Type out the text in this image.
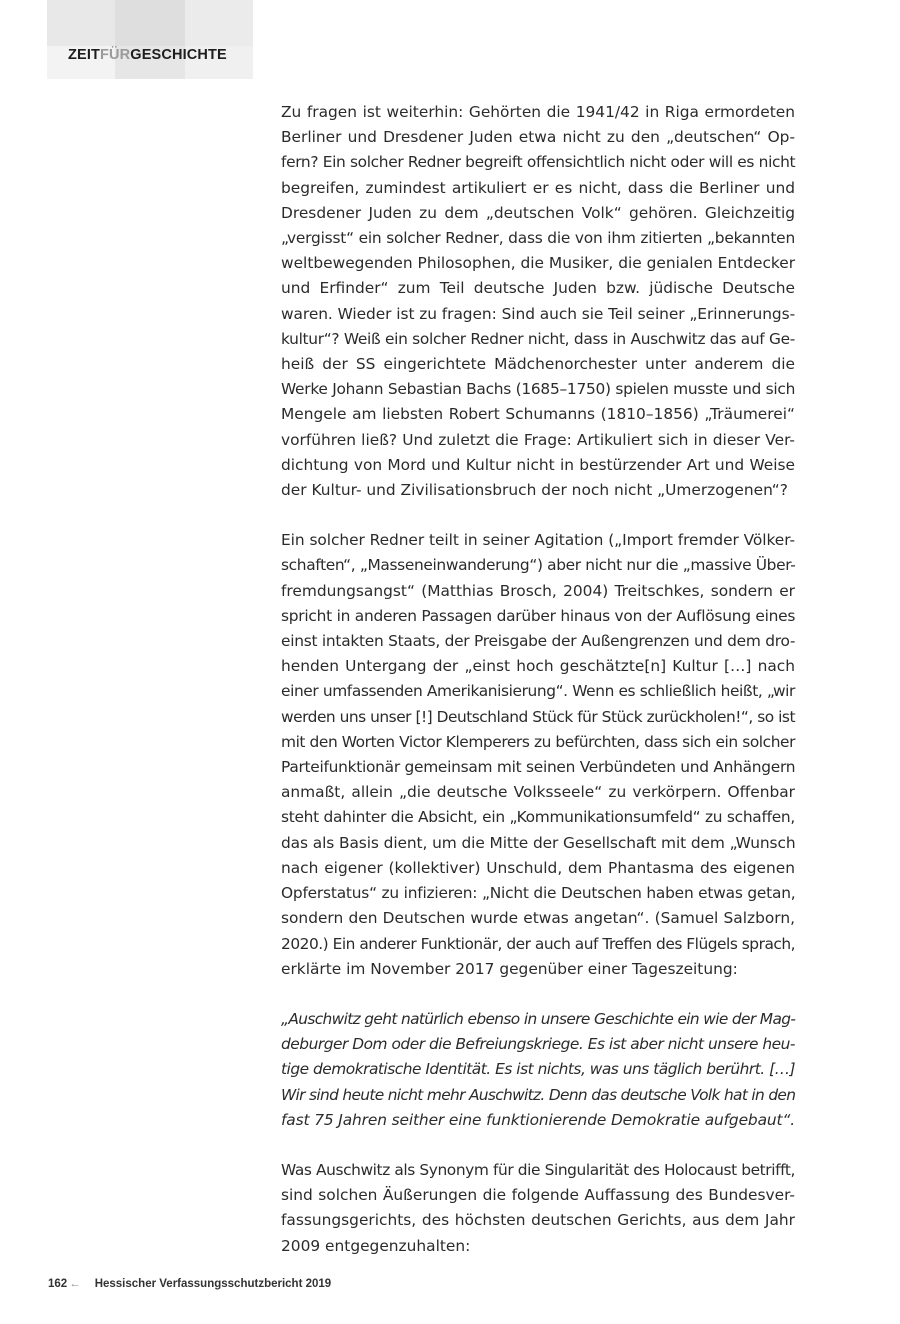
ZEITFÜRGESCHICHTE

Zu fragen ist weiterhin: Gehörten die 1941/42 in Riga ermordeten
Berliner und Dresdener Juden etwa nicht zu den „deutschen“ Op-
fern? Ein solcher Redner begreift offensichtlich nicht oder will es nicht
begreifen, zumindest artikuliert er es nicht, dass die Berliner und
Dresdener Juden zu dem „deutschen Volk“ gehören. Gleichzeitig
„vergisst“ ein solcher Redner, dass die von ihm zitierten „bekannten
weltbewegenden Philosophen, die Musiker, die genialen Entdecker
und Erfinder“ zum Teil deutsche Juden bzw. jüdische Deutsche
waren. Wieder ist zu fragen: Sind auch sie Teil seiner „Erinnerungs-
kultur“? Weiß ein solcher Redner nicht, dass in Auschwitz das auf Ge-
heiß der SS eingerichtete Mädchenorchester unter anderem die
Werke Johann Sebastian Bachs (1685–1750) spielen musste und sich
Mengele am liebsten Robert Schumanns (1810–1856) „Träumerei“
vorführen ließ? Und zuletzt die Frage: Artikuliert sich in dieser Ver-
dichtung von Mord und Kultur nicht in bestürzender Art und Weise
der Kultur- und Zivilisationsbruch der noch nicht „Umerzogenen“?

Ein solcher Redner teilt in seiner Agitation („Import fremder Völker-
schaften“, „Masseneinwanderung“) aber nicht nur die „massive Über-
fremdungsangst“ (Matthias Brosch, 2004) Treitschkes, sondern er
spricht in anderen Passagen darüber hinaus von der Auflösung eines
einst intakten Staats, der Preisgabe der Außengrenzen und dem dro-
henden Untergang der „einst hoch geschätzte[n] Kultur […] nach
einer umfassenden Amerikanisierung“. Wenn es schließlich heißt, „wir
werden uns unser [!] Deutschland Stück für Stück zurückholen!“, so ist
mit den Worten Victor Klemperers zu befürchten, dass sich ein solcher
Parteifunktionär gemeinsam mit seinen Verbündeten und Anhängern
anmaßt, allein „die deutsche Volksseele“ zu verkörpern. Offenbar
steht dahinter die Absicht, ein „Kommunikationsumfeld“ zu schaffen,
das als Basis dient, um die Mitte der Gesellschaft mit dem „Wunsch
nach eigener (kollektiver) Unschuld, dem Phantasma des eigenen
Opferstatus“ zu infizieren: „Nicht die Deutschen haben etwas getan,
sondern den Deutschen wurde etwas angetan“. (Samuel Salzborn,
2020.) Ein anderer Funktionär, der auch auf Treffen des Flügels sprach,
erklärte im November 2017 gegenüber einer Tageszeitung:

„Auschwitz geht natürlich ebenso in unsere Geschichte ein wie der Mag-
deburger Dom oder die Befreiungskriege. Es ist aber nicht unsere heu-
tige demokratische Identität. Es ist nichts, was uns täglich berührt. […]
Wir sind heute nicht mehr Auschwitz. Denn das deutsche Volk hat in den
fast 75 Jahren seither eine funktionierende Demokratie aufgebaut“.

Was Auschwitz als Synonym für die Singularität des Holocaust betrifft,
sind solchen Äußerungen die folgende Auffassung des Bundesver-
fassungsgerichts, des höchsten deutschen Gerichts, aus dem Jahr
2009 entgegenzuhalten:

162 ← Hessischer Verfassungsschutzbericht 2019
